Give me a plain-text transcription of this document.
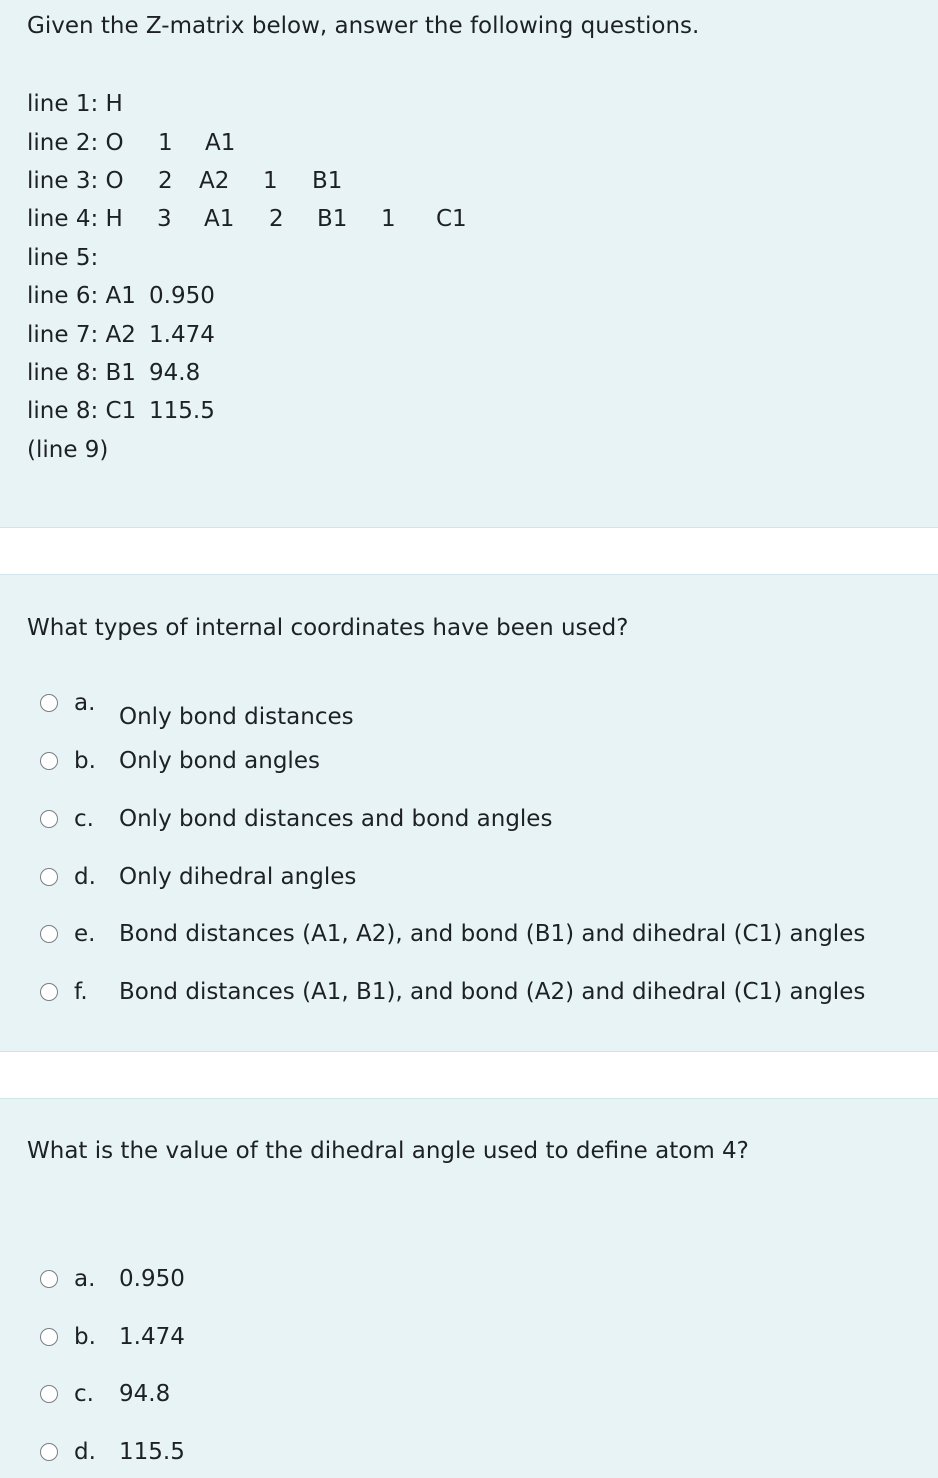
Given the Z-matrix below, answer the following questions.
line 1: H
line 2: O 1 A1
line 3: O 2 A2 1 B1
line 4: H 3 A1 2 B1 1 C1
line 5:
line 6: A1 0.950
line 7: A2 1.474
line 8: B1 94.8
line 8: C1 115.5
(line 9)
What types of internal coordinates have been used?
a.
Only bond distances
b. Only bond angles
c. Only bond distances and bond angles
d. Only dihedral angles
e. Bond distances (A1, A2), and bond (B1) and dihedral (C1) angles
f. Bond distances (A1, B1), and bond (A2) and dihedral (C1) angles
What is the value of the dihedral angle used to define atom 4?
a. 0.950
b. 1.474
c. 94.8
d. 115.5
